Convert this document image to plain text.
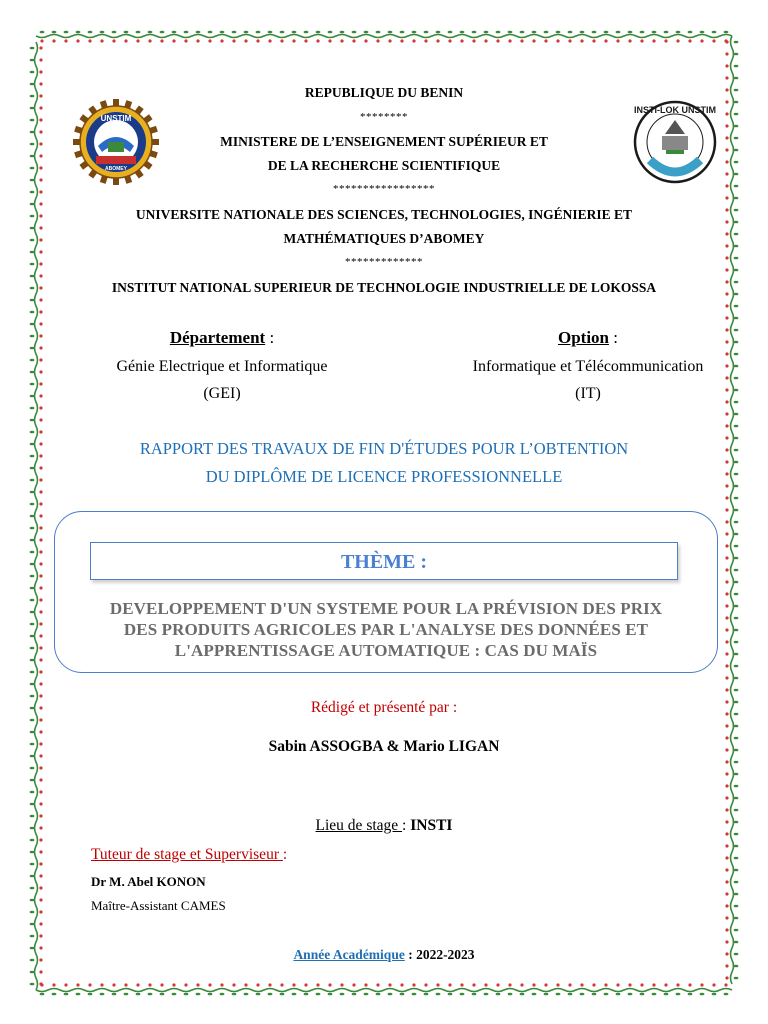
UNSTIM
ABOMEY
INSTI-LOK UNSTIM
REPUBLIQUE DU BENIN
********
MINISTERE DE L’ENSEIGNEMENT SUPÉRIEUR ET
DE LA RECHERCHE SCIENTIFIQUE
*****************
UNIVERSITE NATIONALE DES SCIENCES, TECHNOLOGIES, INGÉNIERIE ET
MATHÉMATIQUES D’ABOMEY
*************
INSTITUT NATIONAL SUPERIEUR DE TECHNOLOGIE INDUSTRIELLE DE LOKOSSA
Département :
Génie Electrique et Informatique
(GEI)
Option :
Informatique et Télécommunication
(IT)
RAPPORT DES TRAVAUX DE FIN D'ÉTUDES POUR L’OBTENTION
DU DIPLÔME DE LICENCE PROFESSIONNELLE
THÈME :
DEVELOPPEMENT D'UN SYSTEME POUR LA PRÉVISION DES PRIX
DES PRODUITS AGRICOLES PAR L'ANALYSE DES DONNÉES ET
L'APPRENTISSAGE AUTOMATIQUE : CAS DU MAÏS
Rédigé et présenté par :
Sabin ASSOGBA & Mario LIGAN
Lieu de stage : INSTI
Tuteur de stage et Superviseur :
Dr M. Abel KONON
Maître-Assistant CAMES
Année Académique : 2022-2023
